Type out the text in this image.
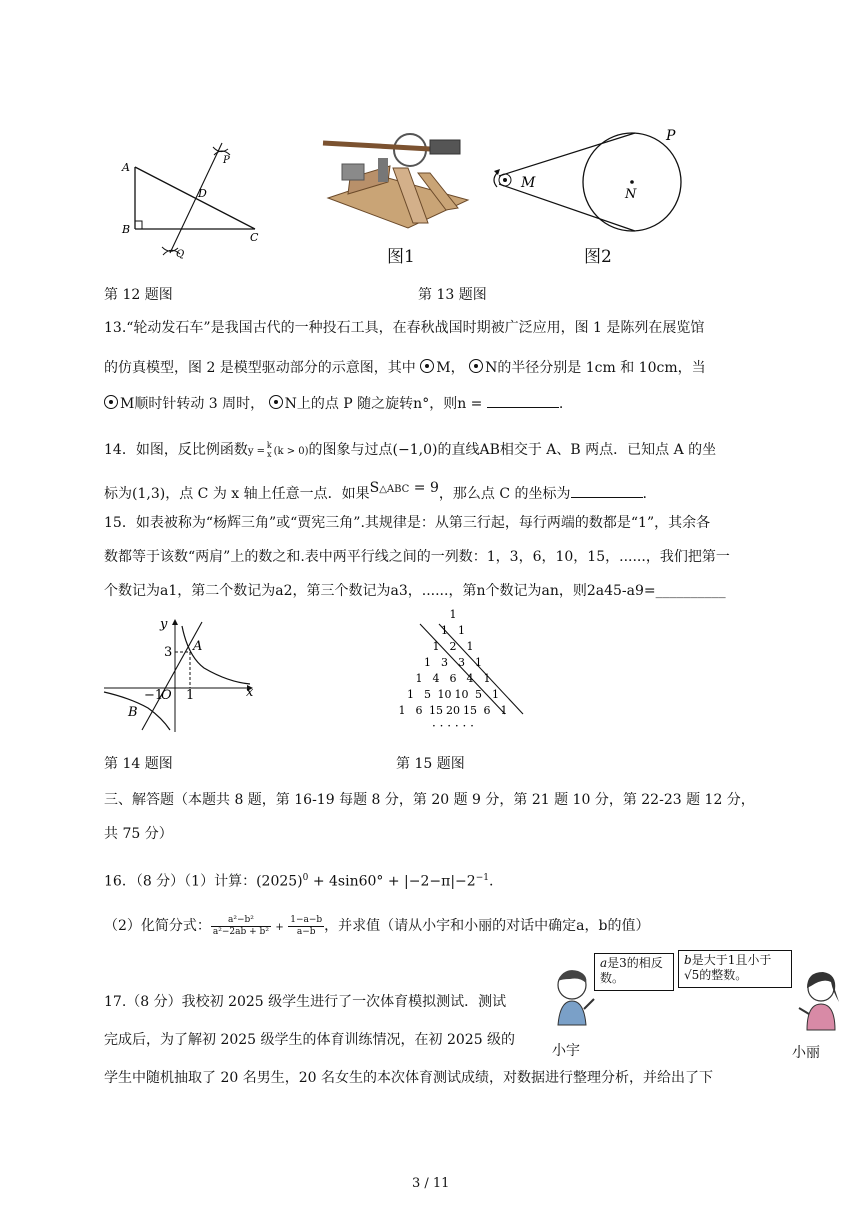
A
B
C
D
P
Q	图1
N
M
P
图2
第 12 题图	第 13 题图
13.“轮动发石车”是我国古代的一种投石工具，在春秋战国时期被广泛应用，图 1 是陈列在展览馆
的仿真模型，图 2 是模型驱动部分的示意图，其中 M， N的半径分别是 1cm 和 10cm，当
M顺时针转动 3 周时， N上的点 P 随之旋转n°，则n =	.
14．如图，反比例函数y =k
x (k > 0)的图象与过点(−1,0)的直线AB相交于 A、B 两点．已知点 A 的坐
标为(1,3)，点 C 为 x 轴上任意一点．如果S△ABC = 9，那么点 C 的坐标为	.
15．如表被称为“杨辉三角”或“贾宪三角”.其规律是：从第三行起，每行两端的数都是“1”，其余各
数都等于该数“两肩”上的数之和.表中两平行线之间的一列数：1，3，6，10，15，......，我们把第一
个数记为a1，第二个数记为a2，第三个数记为a3，......，第n个数记为an，则2a45-a9=__________
y
x
O
A
B
3
−1 1
1
1 1
1 2 1
1 3 3 1
1 4 6 4 1
1 5 10 10 5 1
1 6 15 20 15 6 1
· · · · · ·
第 14 题图	第 15 题图
三、解答题（本题共 8 题，第 16-19 每题 8 分，第 20 题 9 分，第 21 题 10 分，第 22-23 题 12 分，
共 75 分）
16．（8 分）（1）计算：$(2025)^0 + 4\sin 60^\circ + |-2-\pi|-2^{-1}$.
（2）化简分式： $\frac{\text{a²−b²}}{\text{a²−2ab + b²}} + \frac{1-a-b}{a-b}$ ，并求值（请从小宇和小丽的对话中确定a，b的值）
a是3的相反数。
b是大于1且小于√5的整数。
小宇	小丽
17.（8 分）我校初 2025 级学生进行了一次体育模拟测试．测试
完成后，为了解初 2025 级学生的体育训练情况，在初 2025 级的
学生中随机抽取了 20 名男生，20 名女生的本次体育测试成绩，对数据进行整理分析，并给出了下
3 / 11
